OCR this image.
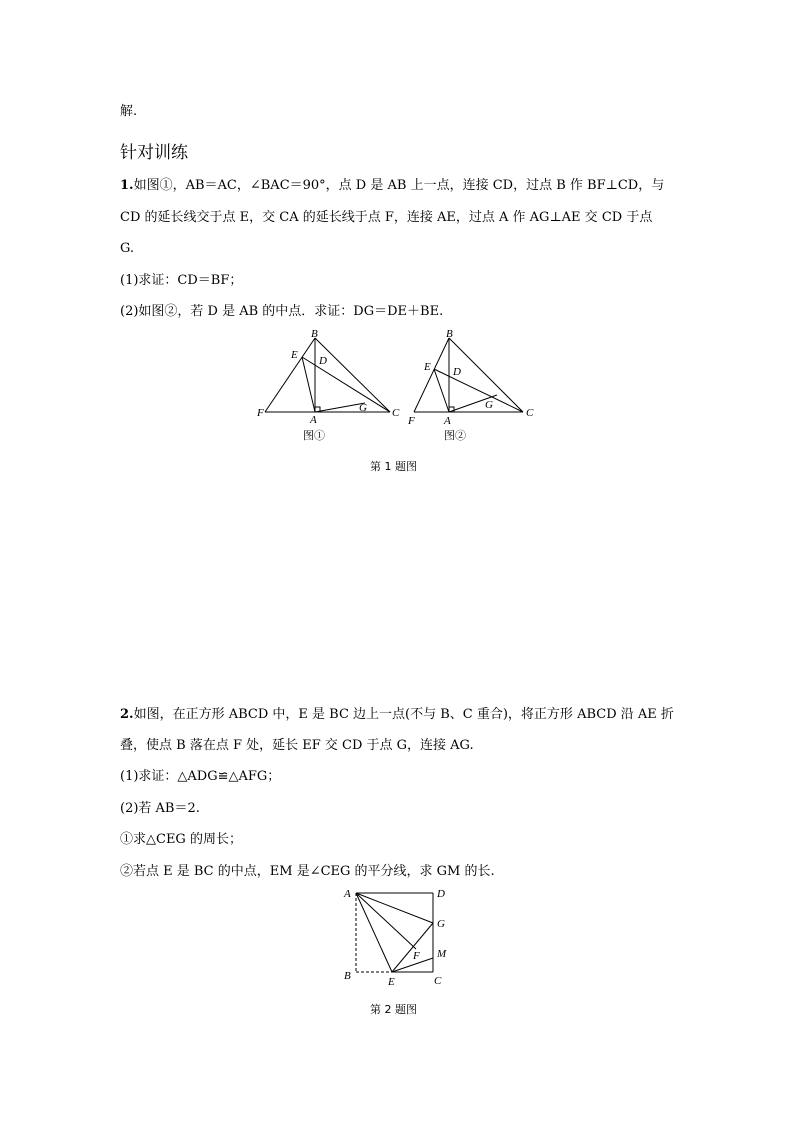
解.
针对训练
1.如图①，AB＝AC，∠BAC＝90°，点 D 是 AB 上一点，连接 CD，过点 B 作 BF⊥CD，与
CD 的延长线交于点 E，交 CA 的延长线于点 F，连接 AE，过点 A 作 AG⊥AE 交 CD 于点
G.
(1)求证：CD＝BF；
(2)如图②，若 D 是 AB 的中点．求证：DG＝DE＋BE.
B
E D
F
A
G C
图①
B
E D
F	A
G
C
图②
第 1 题图
2.如图，在正方形 ABCD 中，E 是 BC 边上一点(不与 B、C 重合)，将正方形 ABCD 沿 AE 折
叠，使点 B 落在点 F 处，延长 EF 交 CD 于点 G，连接 AG.
(1)求证：△ADG≌△AFG；
(2)若 AB＝2.
①求△CEG 的周长；
②若点 E 是 BC 的中点，EM 是∠CEG 的平分线，求 GM 的长.
A	D
G
M
F
B	E	C
第 2 题图
